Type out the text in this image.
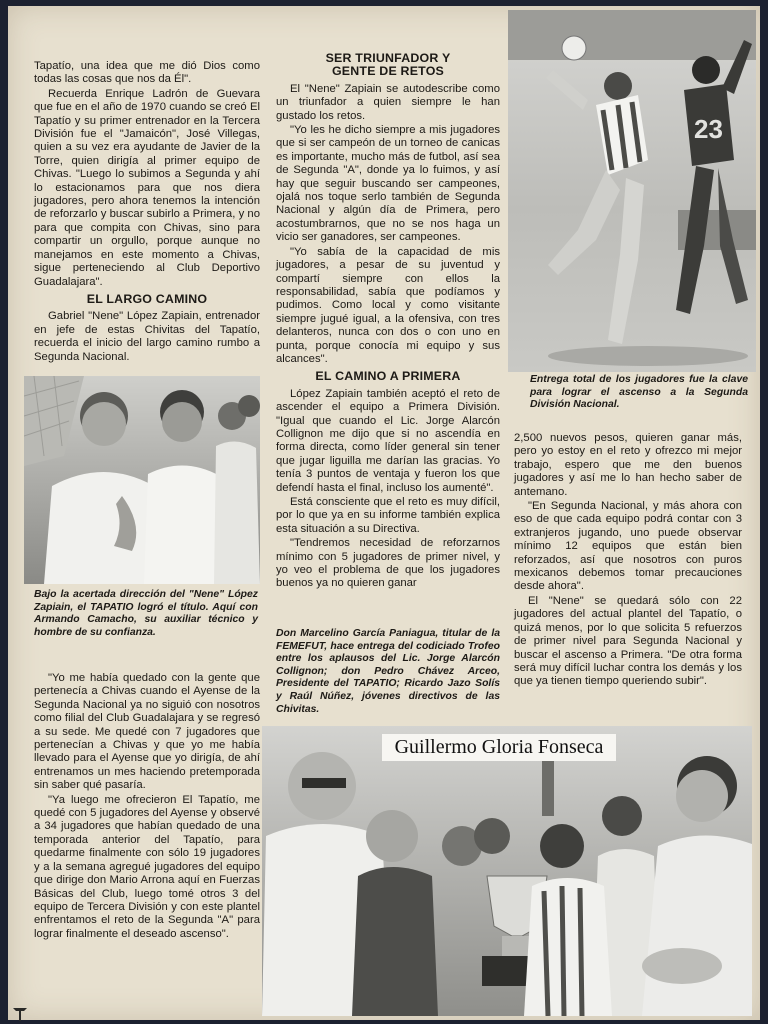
Tapatío, una idea que me dió Dios como todas las cosas que nos da Él".

Recuerda Enrique Ladrón de Guevara que fue en el año de 1970 cuando se creó El Tapatío y su primer entrenador en la Tercera División fue el "Jamaicón", José Villegas, quien a su vez era ayudante de Javier de la Torre, quien dirigía al primer equipo de Chivas. "Luego lo subimos a Segunda y ahí lo estacionamos para que nos diera jugadores, pero ahora tenemos la intención de reforzarlo y buscar subirlo a Primera, y no para que compita con Chivas, sino para compartir un orgullo, porque aunque no manejamos en este momento a Chivas, sigue perteneciendo al Club Deportivo Guadalajara".

EL LARGO CAMINO

Gabriel "Nene" López Zapiain, entrenador en jefe de estas Chivitas del Tapatío, recuerda el inicio del largo camino rumbo a Segunda Nacional.

Bajo la acertada dirección del "Nene" López Zapiain, el TAPATIO logró el título. Aquí con Armando Camacho, su auxiliar técnico y hombre de su confianza.

"Yo me había quedado con la gente que pertenecía a Chivas cuando el Ayense de la Segunda Nacional ya no siguió con nosotros como filial del Club Guadalajara y se regresó a su sede. Me quedé con 7 jugadores que pertenecían a Chivas y que yo me había llevado para el Ayense que yo dirigía, de ahí entrenamos un mes haciendo pretemporada sin saber qué pasaría.

"Ya luego me ofrecieron El Tapatío, me quedé con 5 jugadores del Ayense y observé a 34 jugadores que habían quedado de una temporada anterior del Tapatío, para quedarme finalmente con sólo 19 jugadores y a la semana agregué jugadores del equipo que dirige don Mario Arrona aquí en Fuerzas Básicas del Club, luego tomé otros 3 del equipo de Tercera División y con este plantel enfrentamos el reto de la Segunda "A" para lograr finalmente el deseado ascenso".

SER TRIUNFADOR Y GENTE DE RETOS

El "Nene" Zapiain se autodescribe como un triunfador a quien siempre le han gustado los retos.

"Yo les he dicho siempre a mis jugadores que si ser campeón de un torneo de canicas es importante, mucho más de futbol, así sea de Segunda "A", donde ya lo fuimos, y así hay que seguir buscando ser campeones, ojalá nos toque serlo también de Segunda Nacional y algún día de Primera, pero acostumbrarnos, que no se nos haga un vicio ser ganadores, ser campeones.

"Yo sabía de la capacidad de mis jugadores, a pesar de su juventud y compartí siempre con ellos la responsabilidad, sabía que podíamos y pudimos. Como local y como visitante siempre jugué igual, a la ofensiva, con tres delanteros, nunca con dos o con uno en punta, porque conocía mi equipo y sus alcances".

EL CAMINO A PRIMERA

López Zapiain también aceptó el reto de ascender el equipo a Primera División. "Igual que cuando el Lic. Jorge Alarcón Collignon me dijo que si no ascendía en forma directa, como líder general sin tener que jugar liguilla me darían las gracias. Yo tenía 3 puntos de ventaja y fueron los que defendí hasta el final, incluso los aumenté".

Está consciente que el reto es muy difícil, por lo que ya en su informe también explica esta situación a su Directiva.

"Tendremos necesidad de reforzarnos mínimo con 5 jugadores de primer nivel, y yo veo el problema de que los jugadores buenos ya no quieren ganar

Don Marcelino García Paniagua, titular de la FEMEFUT, hace entrega del codiciado Trofeo entre los aplausos del Lic. Jorge Alarcón Collignon; don Pedro Chávez Arceo, Presidente del TAPATIO; Ricardo Jazo Solís y Raúl Núñez, jóvenes directivos de las Chivitas.
23
Entrega total de los jugadores fue la clave para lograr el ascenso a la Segunda División Nacional.

2,500 nuevos pesos, quieren ganar más, pero yo estoy en el reto y ofrezco mi mejor trabajo, espero que me den buenos jugadores y así me lo han hecho saber de antemano.

"En Segunda Nacional, y más ahora con eso de que cada equipo podrá contar con 3 extranjeros jugando, uno puede observar mínimo 12 equipos que están bien reforzados, así que nosotros con puros mexicanos debemos tomar precauciones desde ahora".

El "Nene" se quedará sólo con 22 jugadores del actual plantel del Tapatío, o quizá menos, por lo que solicita 5 refuerzos de primer nivel para Segunda Nacional y buscar el ascenso a Primera. "De otra forma será muy difícil luchar contra los demás y los que ya tienen tiempo queriendo subir".

Guillermo Gloria Fonseca
